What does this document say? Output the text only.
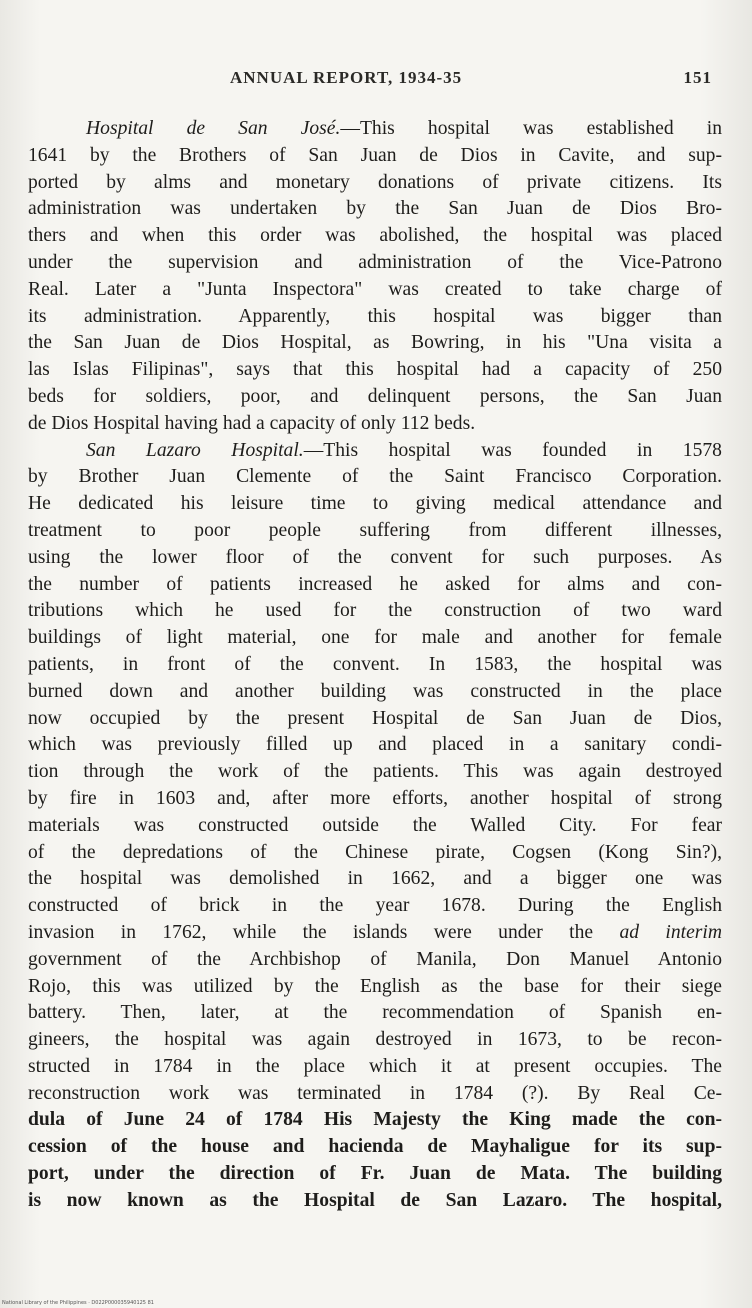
ANNUAL REPORT, 1934-35	151
Hospital de San José.—This hospital was established in
1641 by the Brothers of San Juan de Dios in Cavite, and sup-
ported by alms and monetary donations of private citizens. Its
administration was undertaken by the San Juan de Dios Bro-
thers and when this order was abolished, the hospital was placed
under the supervision and administration of the Vice-Patrono
Real. Later a "Junta Inspectora" was created to take charge of
its administration. Apparently, this hospital was bigger than
the San Juan de Dios Hospital, as Bowring, in his "Una visita a
las Islas Filipinas", says that this hospital had a capacity of 250
beds for soldiers, poor, and delinquent persons, the San Juan
de Dios Hospital having had a capacity of only 112 beds.
San Lazaro Hospital.—This hospital was founded in 1578
by Brother Juan Clemente of the Saint Francisco Corporation.
He dedicated his leisure time to giving medical attendance and
treatment to poor people suffering from different illnesses,
using the lower floor of the convent for such purposes. As
the number of patients increased he asked for alms and con-
tributions which he used for the construction of two ward
buildings of light material, one for male and another for female
patients, in front of the convent. In 1583, the hospital was
burned down and another building was constructed in the place
now occupied by the present Hospital de San Juan de Dios,
which was previously filled up and placed in a sanitary condi-
tion through the work of the patients. This was again destroyed
by fire in 1603 and, after more efforts, another hospital of strong
materials was constructed outside the Walled City. For fear
of the depredations of the Chinese pirate, Cogsen (Kong Sin?),
the hospital was demolished in 1662, and a bigger one was
constructed of brick in the year 1678. During the English
invasion in 1762, while the islands were under the ad interim
government of the Archbishop of Manila, Don Manuel Antonio
Rojo, this was utilized by the English as the base for their siege
battery. Then, later, at the recommendation of Spanish en-
gineers, the hospital was again destroyed in 1673, to be recon-
structed in 1784 in the place which it at present occupies. The
reconstruction work was terminated in 1784 (?). By Real Ce-
dula of June 24 of 1784 His Majesty the King made the con-
cession of the house and hacienda de Mayhaligue for its sup-
port, under the direction of Fr. Juan de Mata. The building
is now known as the Hospital de San Lazaro. The hospital,
National Library of the Philippines · D022P000035940125 81
